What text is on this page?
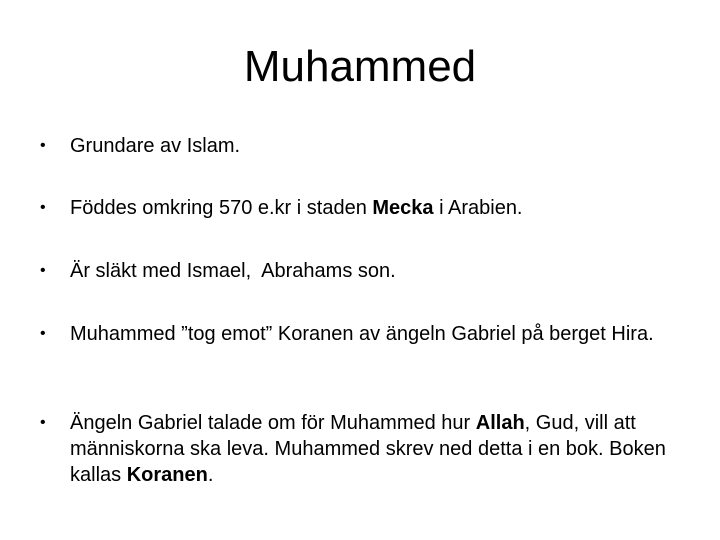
Muhammed
•	Grundare av Islam.
•	Föddes omkring 570 e.kr i staden Mecka i Arabien.
•	Är släkt med Ismael,  Abrahams son.
•	Muhammed ”tog emot” Koranen av ängeln Gabriel på berget Hira.
•	Ängeln Gabriel talade om för Muhammed hur Allah, Gud, vill att människorna ska leva. Muhammed skrev ned detta i en bok. Boken kallas Koranen.
